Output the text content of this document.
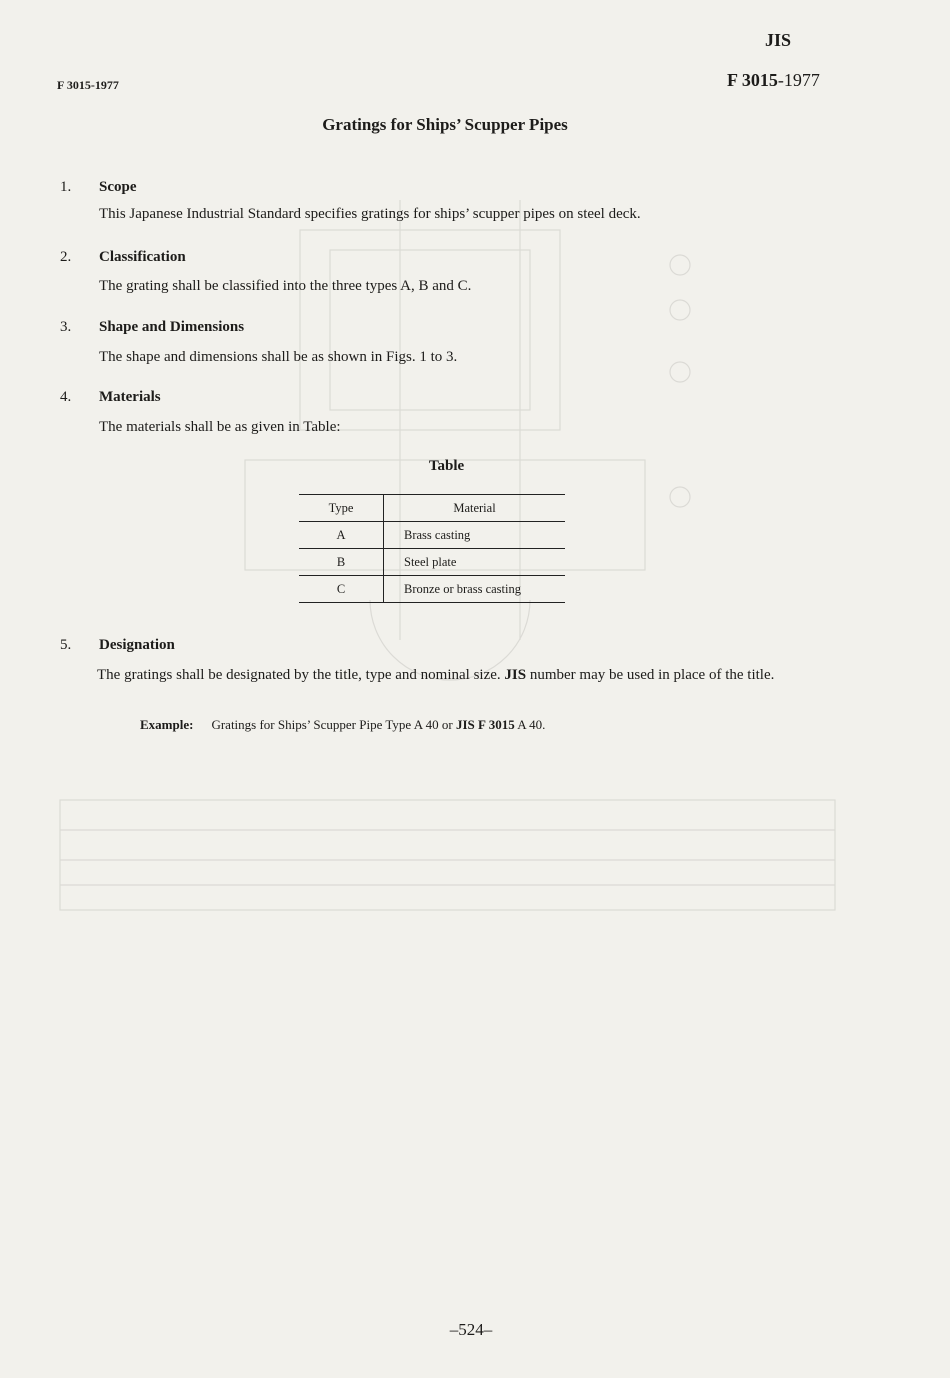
JIS
F 3015-1977
F 3015-1977
Gratings for Ships’ Scupper Pipes
1. Scope
This Japanese Industrial Standard specifies gratings for ships’ scupper pipes on steel deck.
2. Classification
The grating shall be classified into the three types A, B and C.
3. Shape and Dimensions
The shape and dimensions shall be as shown in Figs. 1 to 3.
4. Materials
The materials shall be as given in Table:
Table
Type	Material
A	Brass casting
B	Steel plate
C	Bronze or brass casting
5. Designation
The gratings shall be designated by the title, type and nominal size. JIS number may be used in place of the title.
Example: Gratings for Ships’ Scupper Pipe Type A 40 or JIS F 3015 A 40.
–524–
